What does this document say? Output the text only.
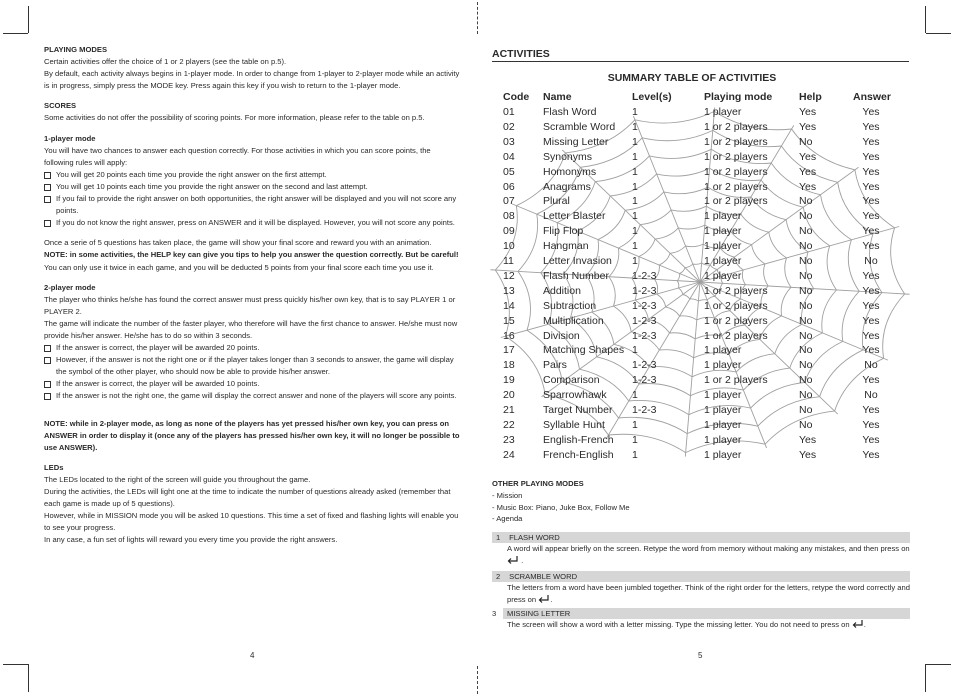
PLAYING MODES

Certain activities offer the choice of 1 or 2 players (see the table on p.5).

By default, each activity always begins in 1-player mode. In order to change from 1-player to 2-player mode while an activity is in progress, simply press the MODE key. Press again this key if you wish to return to the 1-player mode.

SCORES

Some activities do not offer the possibility of scoring points. For more information, please refer to the table on p.5.

1-player mode

You will have two chances to answer each question correctly. For those activities in which you can score points, the following rules will apply:

You will get 20 points each time you provide the right answer on the first attempt.
You will get 10 points each time you provide the right answer on the second and last attempt.
If you fail to provide the right answer on both opportunities, the right answer will be displayed and you will not score any points.
If you do not know the right answer, press on ANSWER and it will be displayed. However, you will not score any points.

Once a serie of 5 questions has taken place, the game will show your final score and reward you with an animation.

NOTE: in some activities, the HELP key can give you tips to help you answer the question correctly. But be careful! You can only use it twice in each game, and you will be deducted 5 points from your final score each time you use it.

2-player mode

The player who thinks he/she has found the correct answer must press quickly his/her own key, that is to say PLAYER 1 or PLAYER 2.

The game will indicate the number of the faster player, who therefore will have the first chance to answer. He/she must now provide his/her answer. He/she has to do so within 3 seconds.

If the answer is correct, the player will be awarded 20 points.
However, if the answer is not the right one or if the player takes longer than 3 seconds to answer, the game will display the symbol of the other player, who should now be able to provide his/her answer.
If the answer is correct, the player will be awarded 10 points.
If the answer is not the right one, the game will display the correct answer and none of the players will score any points.

NOTE: while in 2-player mode, as long as none of the players has yet pressed his/her own key, you can press on ANSWER in order to display it (once any of the players has pressed his/her own key, it will no longer be possible to use ANSWER).

LEDs

The LEDs located to the right of the screen will guide you throughout the game.

During the activities, the LEDs will light one at the time to indicate the number of questions already asked (remember that each game is made up of 5 questions).

However, while in MISSION mode you will be asked 10 questions. This time a set of fixed and flashing lights will enable you to see your progress.

In any case, a fun set of lights will reward you every time you provide the right answers.

4
ACTIVITIES
SUMMARY TABLE OF ACTIVITIES
Code Name	Level(s)	Playing mode	Help	Answer
01	Flash Word	1	1 player	Yes	Yes
02	Scramble Word 1	1 or 2 players	Yes	Yes
03	Missing Letter 1	1 or 2 players	No	Yes
04	Synonyms	1	1 or 2 players	Yes	Yes
05	Homonyms	1	1 or 2 players	Yes	Yes
06	Anagrams	1	1 or 2 players	Yes	Yes
07	Plural	1	1 or 2 players	No	Yes
08	Letter Blaster	1	1 player	No	Yes
09	Flip Flop	1	1 player	No	Yes
10	Hangman	1	1 player	No	Yes
11	Letter Invasion 1	1 player	No	No
12	Flash Number 1-2-3	1 player	No	Yes
13	Addition	1-2-3	1 or 2 players	No	Yes
14	Subtraction	1-2-3	1 or 2 players	No	Yes
15	Multiplication	1-2-3	1 or 2 players	No	Yes
16	Division	1-2-3	1 or 2 players	No	Yes
17	Matching Shapes 1	1 player	No	Yes
18	Pairs	1-2-3	1 player	No	No
19	Comparison	1-2-3	1 or 2 players	No	Yes
20	Sparrowhawk 1	1 player	No	No
21	Target Number 1-2-3	1 player	No	Yes
22	Syllable Hunt	1	1 player	No	Yes
23	English-French 1	1 player	Yes	Yes
24	French-English 1	1 player	Yes	Yes
OTHER PLAYING MODES
- Mission
- Music Box: Piano, Juke Box, Follow Me
- Agenda
1 FLASH WORD
A word will appear briefly on the screen. Retype the word from memory without making any mistakes, and then press on  .
2 SCRAMBLE WORD
The letters from a word have been jumbled together. Think of the right order for the letters, retype the word correctly and press on .
3 MISSING LETTER
The screen will show a word with a letter missing. Type the missing letter. You do not need to press on .
5
